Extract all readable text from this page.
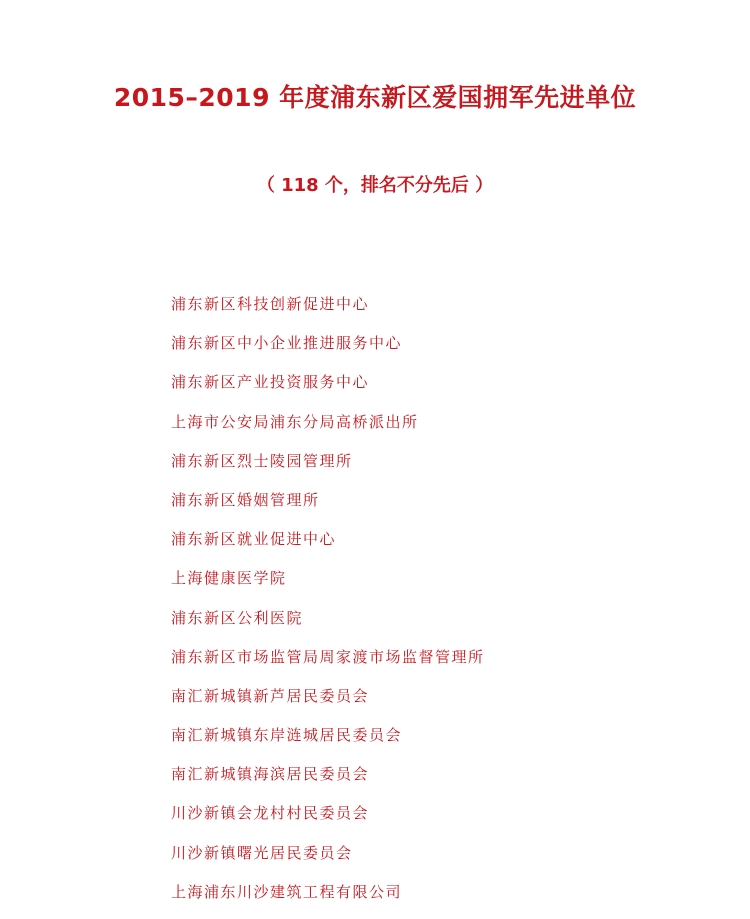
2015–2019 年度浦东新区爱国拥军先进单位
（ 118 个，排名不分先后 ）
浦东新区科技创新促进中心
浦东新区中小企业推进服务中心
浦东新区产业投资服务中心
上海市公安局浦东分局高桥派出所
浦东新区烈士陵园管理所
浦东新区婚姻管理所
浦东新区就业促进中心
上海健康医学院
浦东新区公利医院
浦东新区市场监管局周家渡市场监督管理所
南汇新城镇新芦居民委员会
南汇新城镇东岸涟城居民委员会
南汇新城镇海滨居民委员会
川沙新镇会龙村村民委员会
川沙新镇曙光居民委员会
上海浦东川沙建筑工程有限公司
